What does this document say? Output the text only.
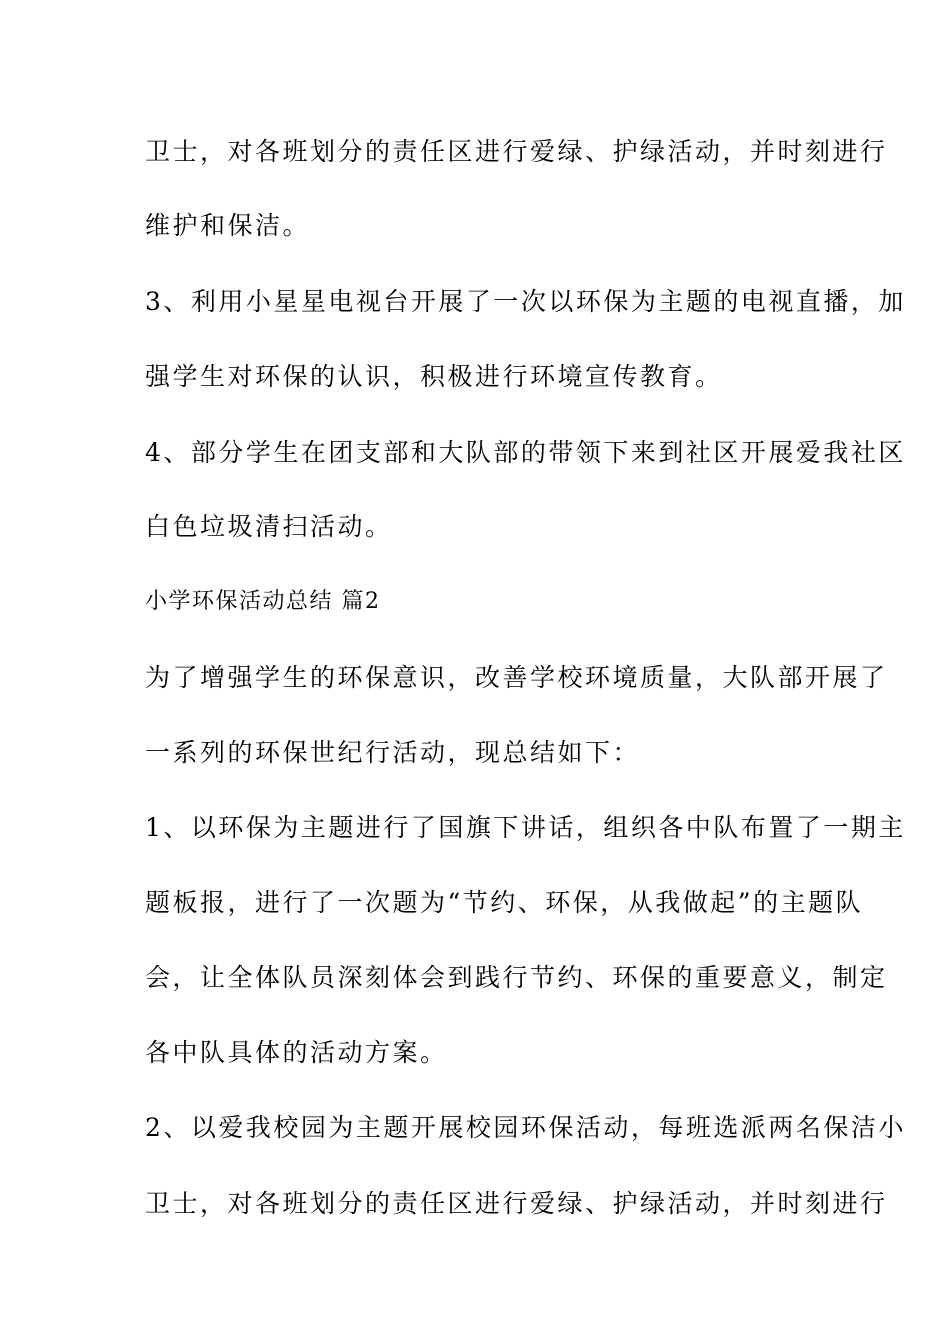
卫士，对各班划分的责任区进行爱绿、护绿活动，并时刻进行
维护和保洁。
3、利用小星星电视台开展了一次以环保为主题的电视直播，加
强学生对环保的认识，积极进行环境宣传教育。
4、部分学生在团支部和大队部的带领下来到社区开展爱我社区
白色垃圾清扫活动。
小学环保活动总结 篇2
为了增强学生的环保意识，改善学校环境质量，大队部开展了
一系列的环保世纪行活动，现总结如下：
1、以环保为主题进行了国旗下讲话，组织各中队布置了一期主
题板报，进行了一次题为“节约、环保，从我做起”的主题队
会，让全体队员深刻体会到践行节约、环保的重要意义，制定
各中队具体的活动方案。
2、以爱我校园为主题开展校园环保活动，每班选派两名保洁小
卫士，对各班划分的责任区进行爱绿、护绿活动，并时刻进行
